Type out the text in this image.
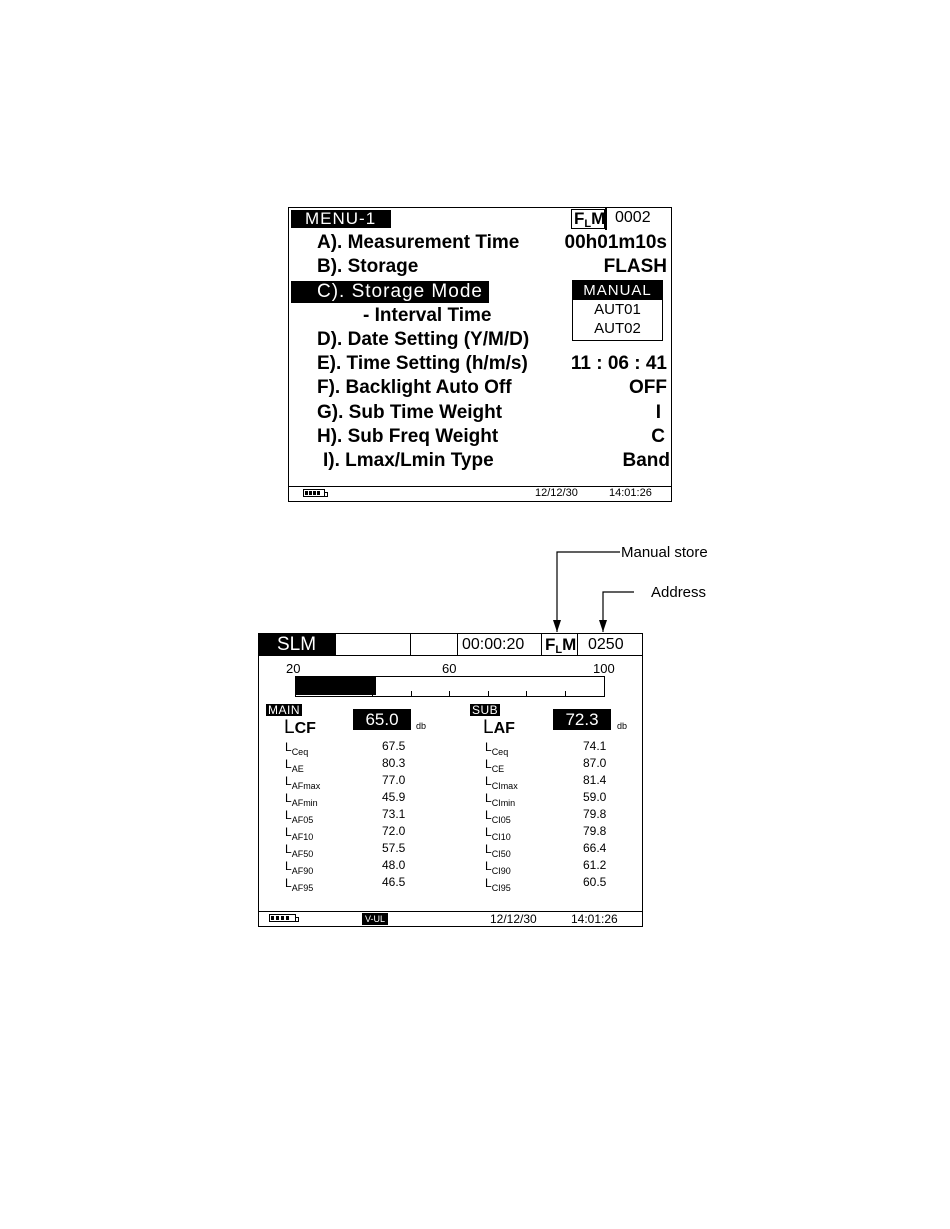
MENU-1	FLM 0002
A). Measurement Time 00h01m10s
B). Storage	FLASH
C). Storage Mode
- Interval Time
D). Date Setting (Y/M/D)
E). Time Setting (h/m/s) 11 : 06 : 41
F). Backlight Auto Off	OFF
G). Sub Time Weight	I
H). Sub Freq Weight	C
I). Lmax/Lmin Type	Band
MANUAL
AUT01
AUT02
12/12/30	14:01:26
Manual store
Address
SLM	00:00:20	FLM 0250
20	60	100
MAIN
LCF	65.0	db
SUB
LAF	72.3	db
$L_{Ceq}$	67.5
$L_{AE}$	80.3
$L_{AFmax}$	77.0
$L_{AFmin}$	45.9
$L_{AF05}$	73.1
$L_{AF10}$	72.0
$L_{AF50}$	57.5
$L_{AF90}$	48.0
$L_{AF95}$	46.5
$L_{Ceq}$	74.1
$L_{CE}$	87.0
$L_{CImax}$	81.4
$L_{CImin}$	59.0
$L_{CI05}$	79.8
$L_{CI10}$	79.8
$L_{CI50}$	66.4
$L_{CI90}$	61.2
$L_{CI95}$	60.5
V-UL	12/12/30	14:01:26
